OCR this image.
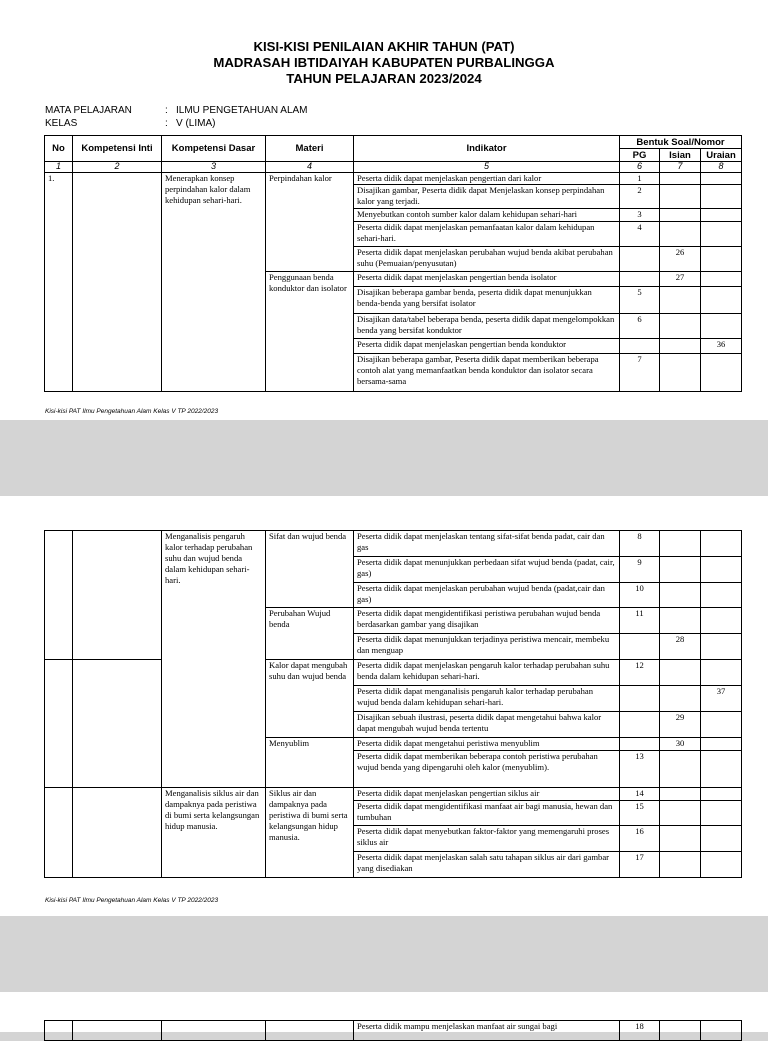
KISI-KISI PENILAIAN AKHIR TAHUN (PAT)
MADRASAH IBTIDAIYAH KABUPATEN PURBALINGGA
TAHUN PELAJARAN 2023/2024
MATA PELAJARAN	: ILMU PENGETAHUAN ALAM
KELAS	: V (LIMA)
No	Kompetensi Inti	Kompetensi Dasar	Materi	Indikator	Bentuk Soal/Nomor		
					PG	Isian	Uraian
1	2	3	4	5	6	7	8
1.		Menerapkan konsep perpindahan kalor dalam kehidupan sehari-hari.	Perpindahan kalor	Peserta didik dapat menjelaskan pengertian dari kalor	1		
				Disajikan gambar, Peserta didik dapat Menjelaskan konsep perpindahan kalor yang terjadi.	2		
				Menyebutkan contoh sumber kalor dalam kehidupan sehari-hari	3		
				Peserta didik dapat menjelaskan pemanfaatan kalor dalam kehidupan sehari-hari.	4		
				Peserta didik dapat menjelaskan perubahan wujud benda akibat perubahan suhu (Pemuaian/penyusutan)		26	
			Penggunaan benda konduktor dan isolator	Peserta didik dapat menjelaskan pengertian benda isolator		27	
				Disajikan beberapa gambar benda, peserta didik dapat menunjukkan benda-benda yang bersifat isolator	5		
				Disajikan data/tabel beberapa benda, peserta didik dapat mengelompokkan benda yang bersifat konduktor	6		
				Peserta didik dapat menjelaskan pengertian benda konduktor			36
				Disajikan beberapa gambar, Peserta didik dapat memberikan beberapa contoh alat yang memanfaatkan benda konduktor dan isolator secara bersama-sama	7		
Kisi-kisi PAT Ilmu Pengetahuan Alam Kelas V TP 2022/2023
		Menganalisis pengaruh kalor terhadap perubahan suhu dan wujud benda dalam kehidupan sehari-hari.	Sifat dan wujud benda	Peserta didik dapat menjelaskan tentang sifat-sifat benda padat, cair dan gas	8		
				Peserta didik dapat menunjukkan perbedaan sifat wujud benda (padat, cair, gas)	9		
				Peserta didik dapat menjelaskan perubahan wujud benda (padat,cair dan gas)	10		
			Perubahan Wujud benda	Peserta didik dapat mengidentifikasi peristiwa perubahan wujud benda berdasarkan gambar yang disajikan	11		
				Peserta didik dapat menunjukkan terjadinya peristiwa mencair, membeku dan menguap		28	
			Kalor dapat mengubah suhu dan wujud benda	Peserta didik dapat menjelaskan pengaruh kalor terhadap perubahan suhu benda dalam kehidupan sehari-hari.	12		
				Peserta didik dapat menganalisis pengaruh kalor terhadap perubahan wujud benda dalam kehidupan sehari-hari.			37
				Disajikan sebuah ilustrasi, peserta didik dapat mengetahui bahwa kalor dapat mengubah wujud benda tertentu		29	
			Menyublim	Peserta didik dapat mengetahui peristiwa menyublim		30	
				Peserta didik dapat memberikan beberapa contoh peristiwa perubahan wujud benda yang dipengaruhi oleh kalor (menyublim).	13		
		Menganalisis siklus air dan dampaknya pada peristiwa di bumi serta kelangsungan hidup manusia.	Siklus air dan dampaknya pada peristiwa di bumi serta kelangsungan hidup manusia.	Peserta didik dapat menjelaskan pengertian siklus air	14		
				Peserta didik dapat mengidentifikasi manfaat air bagi manusia, hewan dan tumbuhan	15		
				Peserta didik dapat menyebutkan faktor-faktor yang memengaruhi proses siklus air	16		
				Peserta didik dapat menjelaskan salah satu tahapan siklus air dari gambar yang disediakan	17		
Kisi-kisi PAT Ilmu Pengetahuan Alam Kelas V TP 2022/2023
				Peserta didik mampu menjelaskan manfaat air sungai bagi	18		
